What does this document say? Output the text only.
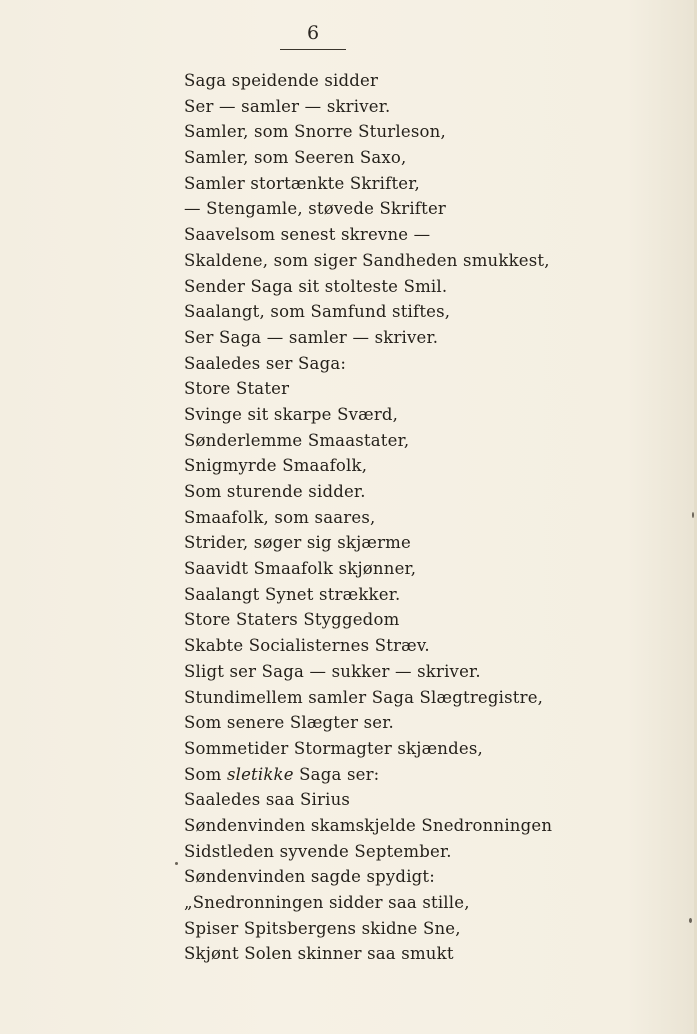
6
Saga speidende sidder
Ser — samler — skriver.
Samler, som Snorre Sturleson,
Samler, som Seeren Saxo,
Samler stortænkte Skrifter,
— Stengamle, støvede Skrifter
Saavelsom senest skrevne —
Skaldene, som siger Sandheden smukkest,
Sender Saga sit stolteste Smil.
Saalangt, som Samfund stiftes,
Ser Saga — samler — skriver.
Saaledes ser Saga:
Store Stater
Svinge sit skarpe Sværd,
Sønderlemme Smaastater,
Snigmyrde Smaafolk,
Som sturende sidder.
Smaafolk, som saares,
Strider, søger sig skjærme
Saavidt Smaafolk skjønner,
Saalangt Synet strækker.
Store Staters Styggedom
Skabte Socialisternes Stræv.
Sligt ser Saga — sukker — skriver.
Stundimellem samler Saga Slægtregistre,
Som senere Slægter ser.
Sommetider Stormagter skjændes,
Som sletikke Saga ser:
Saaledes saa Sirius
Søndenvinden skamskjelde Snedronningen
Sidstleden syvende September.
Søndenvinden sagde spydigt:
„Snedronningen sidder saa stille,
Spiser Spitsbergens skidne Sne,
Skjønt Solen skinner saa smukt
